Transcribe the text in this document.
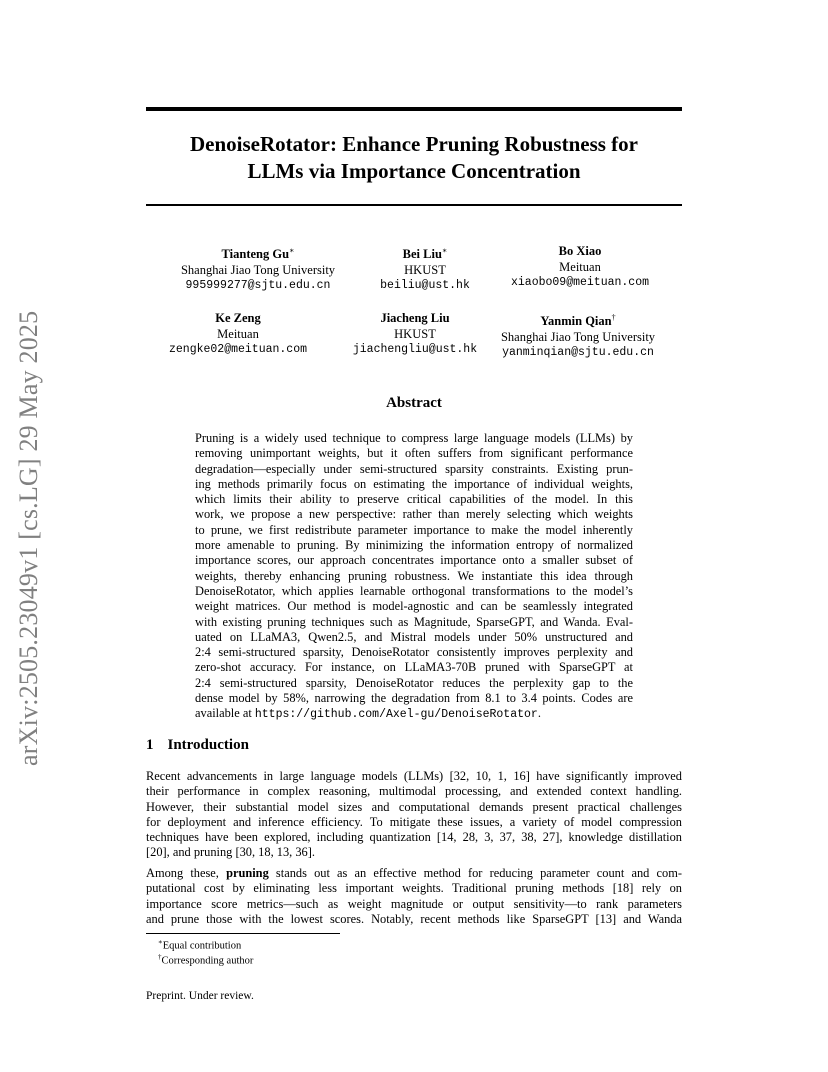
arXiv:2505.23049v1 [cs.LG] 29 May 2025
DenoiseRotator: Enhance Pruning Robustness for
LLMs via Importance Concentration
Tianteng Gu∗
Shanghai Jiao Tong University
995999277@sjtu.edu.cn
Bei Liu∗
HKUST
beiliu@ust.hk
Bo Xiao
Meituan
xiaobo09@meituan.com
Ke Zeng
Meituan
zengke02@meituan.com
Jiacheng Liu
HKUST
jiachengliu@ust.hk
Yanmin Qian†
Shanghai Jiao Tong University
yanminqian@sjtu.edu.cn
Abstract
Pruning is a widely used technique to compress large language models (LLMs) by
removing unimportant weights, but it often suffers from significant performance
degradation—especially under semi-structured sparsity constraints. Existing prun-
ing methods primarily focus on estimating the importance of individual weights,
which limits their ability to preserve critical capabilities of the model. In this
work, we propose a new perspective: rather than merely selecting which weights
to prune, we first redistribute parameter importance to make the model inherently
more amenable to pruning. By minimizing the information entropy of normalized
importance scores, our approach concentrates importance onto a smaller subset of
weights, thereby enhancing pruning robustness. We instantiate this idea through
DenoiseRotator, which applies learnable orthogonal transformations to the model’s
weight matrices. Our method is model-agnostic and can be seamlessly integrated
with existing pruning techniques such as Magnitude, SparseGPT, and Wanda. Eval-
uated on LLaMA3, Qwen2.5, and Mistral models under 50% unstructured and
2:4 semi-structured sparsity, DenoiseRotator consistently improves perplexity and
zero-shot accuracy. For instance, on LLaMA3-70B pruned with SparseGPT at
2:4 semi-structured sparsity, DenoiseRotator reduces the perplexity gap to the
dense model by 58%, narrowing the degradation from 8.1 to 3.4 points. Codes are
available at https://github.com/Axel-gu/DenoiseRotator.
1 Introduction
Recent advancements in large language models (LLMs) [32, 10, 1, 16] have significantly improved
their performance in complex reasoning, multimodal processing, and extended context handling.
However, their substantial model sizes and computational demands present practical challenges
for deployment and inference efficiency. To mitigate these issues, a variety of model compression
techniques have been explored, including quantization [14, 28, 3, 37, 38, 27], knowledge distillation
[20], and pruning [30, 18, 13, 36].
Among these, pruning stands out as an effective method for reducing parameter count and com-
putational cost by eliminating less important weights. Traditional pruning methods [18] rely on
importance score metrics—such as weight magnitude or output sensitivity—to rank parameters
and prune those with the lowest scores. Notably, recent methods like SparseGPT [13] and Wanda
∗Equal contribution
†Corresponding author
Preprint. Under review.
